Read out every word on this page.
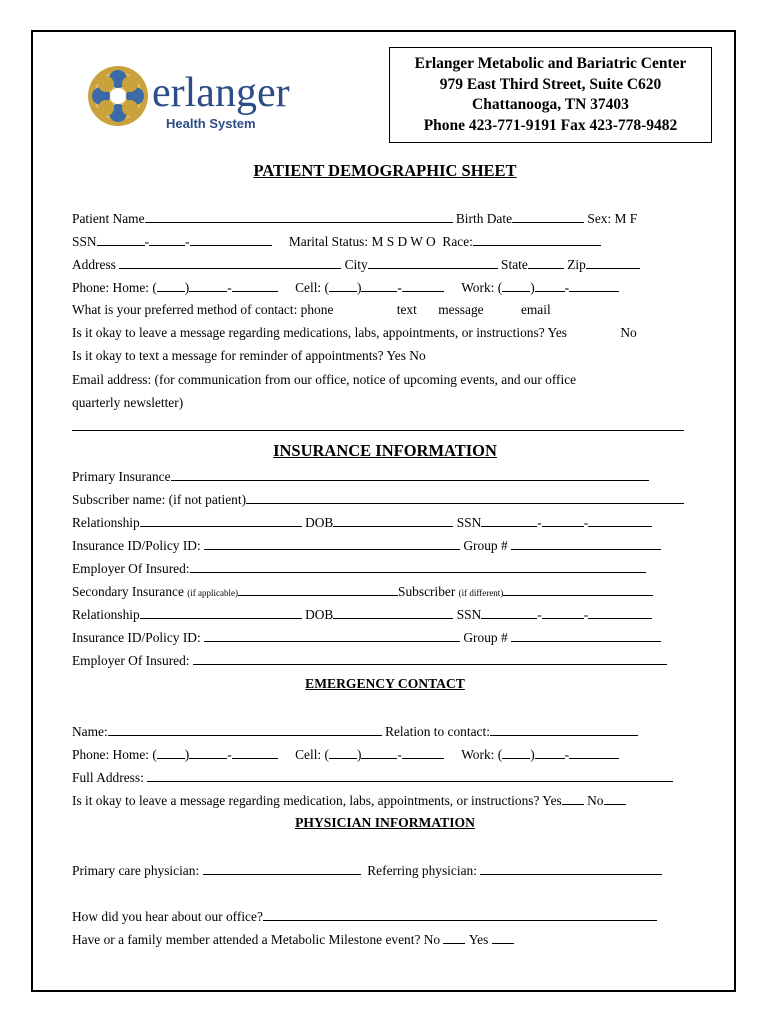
erlanger
Health System
Erlanger Metabolic and Bariatric Center
979 East Third Street, Suite C620
Chattanooga, TN 37403
Phone 423-771-9191 Fax 423-778-9482
PATIENT DEMOGRAPHIC SHEET
Patient Name	Birth Date	Sex: M F
SSN	-	-	Marital Status: M S D W O Race:
Address	City	State	Zip
Phone: Home: ( )	-	Cell: ( )	-	Work: ( ) -
What is your preferred method of contact: phone	text message	email
Is it okay to leave a message regarding medications, labs, appointments, or instructions? Yes	No
Is it okay to text a message for reminder of appointments? Yes No
Email address: (for communication from our office, notice of upcoming events, and our office
quarterly newsletter)
INSURANCE INFORMATION
Primary Insurance
Subscriber name: (if not patient)
Relationship	DOB	SSN	-	-
Insurance ID/Policy ID:	Group #
Employer Of Insured:
Secondary Insurance (if applicable)	Subscriber (if different)
Relationship	DOB	SSN	-	-
Insurance ID/Policy ID:	Group #
Employer Of Insured:
EMERGENCY CONTACT
Name:	Relation to contact:
Phone: Home: ( )	-	Cell: ( )	-	Work: ( ) -
Full Address:
Is it okay to leave a message regarding medication, labs, appointments, or instructions? Yes No
PHYSICIAN INFORMATION
Primary care physician:	Referring physician:
How did you hear about our office?
Have or a family member attended a Metabolic Milestone event? No Yes
